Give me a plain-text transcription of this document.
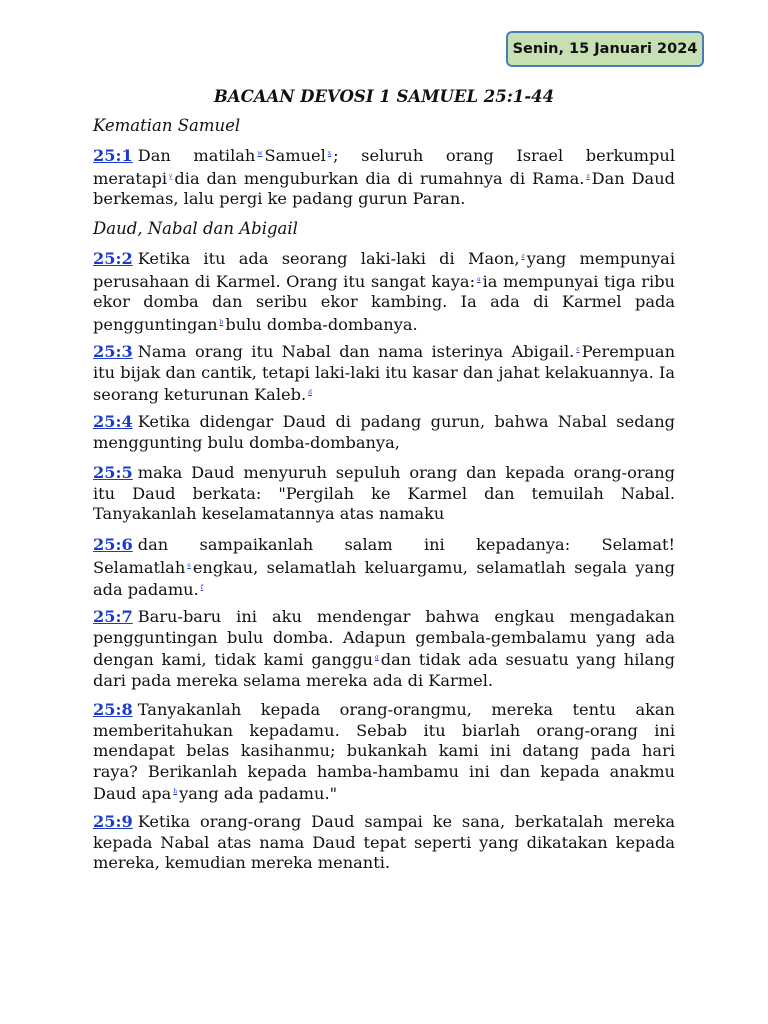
Senin, 15 Januari 2024
BACAAN DEVOSI 1 SAMUEL 25:1-44
Kematian Samuel
25:1 Dan matilah $^w$ Samuel $^x$ ; seluruh orang Israel berkumpul meratapi $^y$ dia dan menguburkan dia di rumahnya di Rama. $^z$ Dan Daud berkemas, lalu pergi ke padang gurun Paran.
Daud, Nabal dan Abigail
25:2 Ketika itu ada seorang laki-laki di Maon, $^z$ yang mempunyai perusahaan di Karmel. Orang itu sangat kaya: $^a$ ia mempunyai tiga ribu ekor domba dan seribu ekor kambing. Ia ada di Karmel pada pengguntingan $^b$ bulu domba-dombanya.
25:3 Nama orang itu Nabal dan nama isterinya Abigail. $^c$ Perempuan itu bijak dan cantik, tetapi laki-laki itu kasar dan jahat kelakuannya. Ia seorang keturunan Kaleb. $^d$
25:4 Ketika didengar Daud di padang gurun, bahwa Nabal sedang menggunting bulu domba-dombanya,
25:5 maka Daud menyuruh sepuluh orang dan kepada orang-orang itu Daud berkata: "Pergilah ke Karmel dan temuilah Nabal. Tanyakanlah keselamatannya atas namaku
25:6 dan sampaikanlah salam ini kepadanya: Selamat! Selamatlah $^e$ engkau, selamatlah keluargamu, selamatlah segala yang ada padamu. $^f$
25:7 Baru-baru ini aku mendengar bahwa engkau mengadakan pengguntingan bulu domba. Adapun gembala-gembalamu yang ada dengan kami, tidak kami ganggu $^g$ dan tidak ada sesuatu yang hilang dari pada mereka selama mereka ada di Karmel.
25:8 Tanyakanlah kepada orang-orangmu, mereka tentu akan memberitahukan kepadamu. Sebab itu biarlah orang-orang ini mendapat belas kasihanmu; bukankah kami ini datang pada hari raya? Berikanlah kepada hamba-hambamu ini dan kepada anakmu Daud apa $^h$ yang ada padamu."
25:9 Ketika orang-orang Daud sampai ke sana, berkatalah mereka kepada Nabal atas nama Daud tepat seperti yang dikatakan kepada mereka, kemudian mereka menanti.
